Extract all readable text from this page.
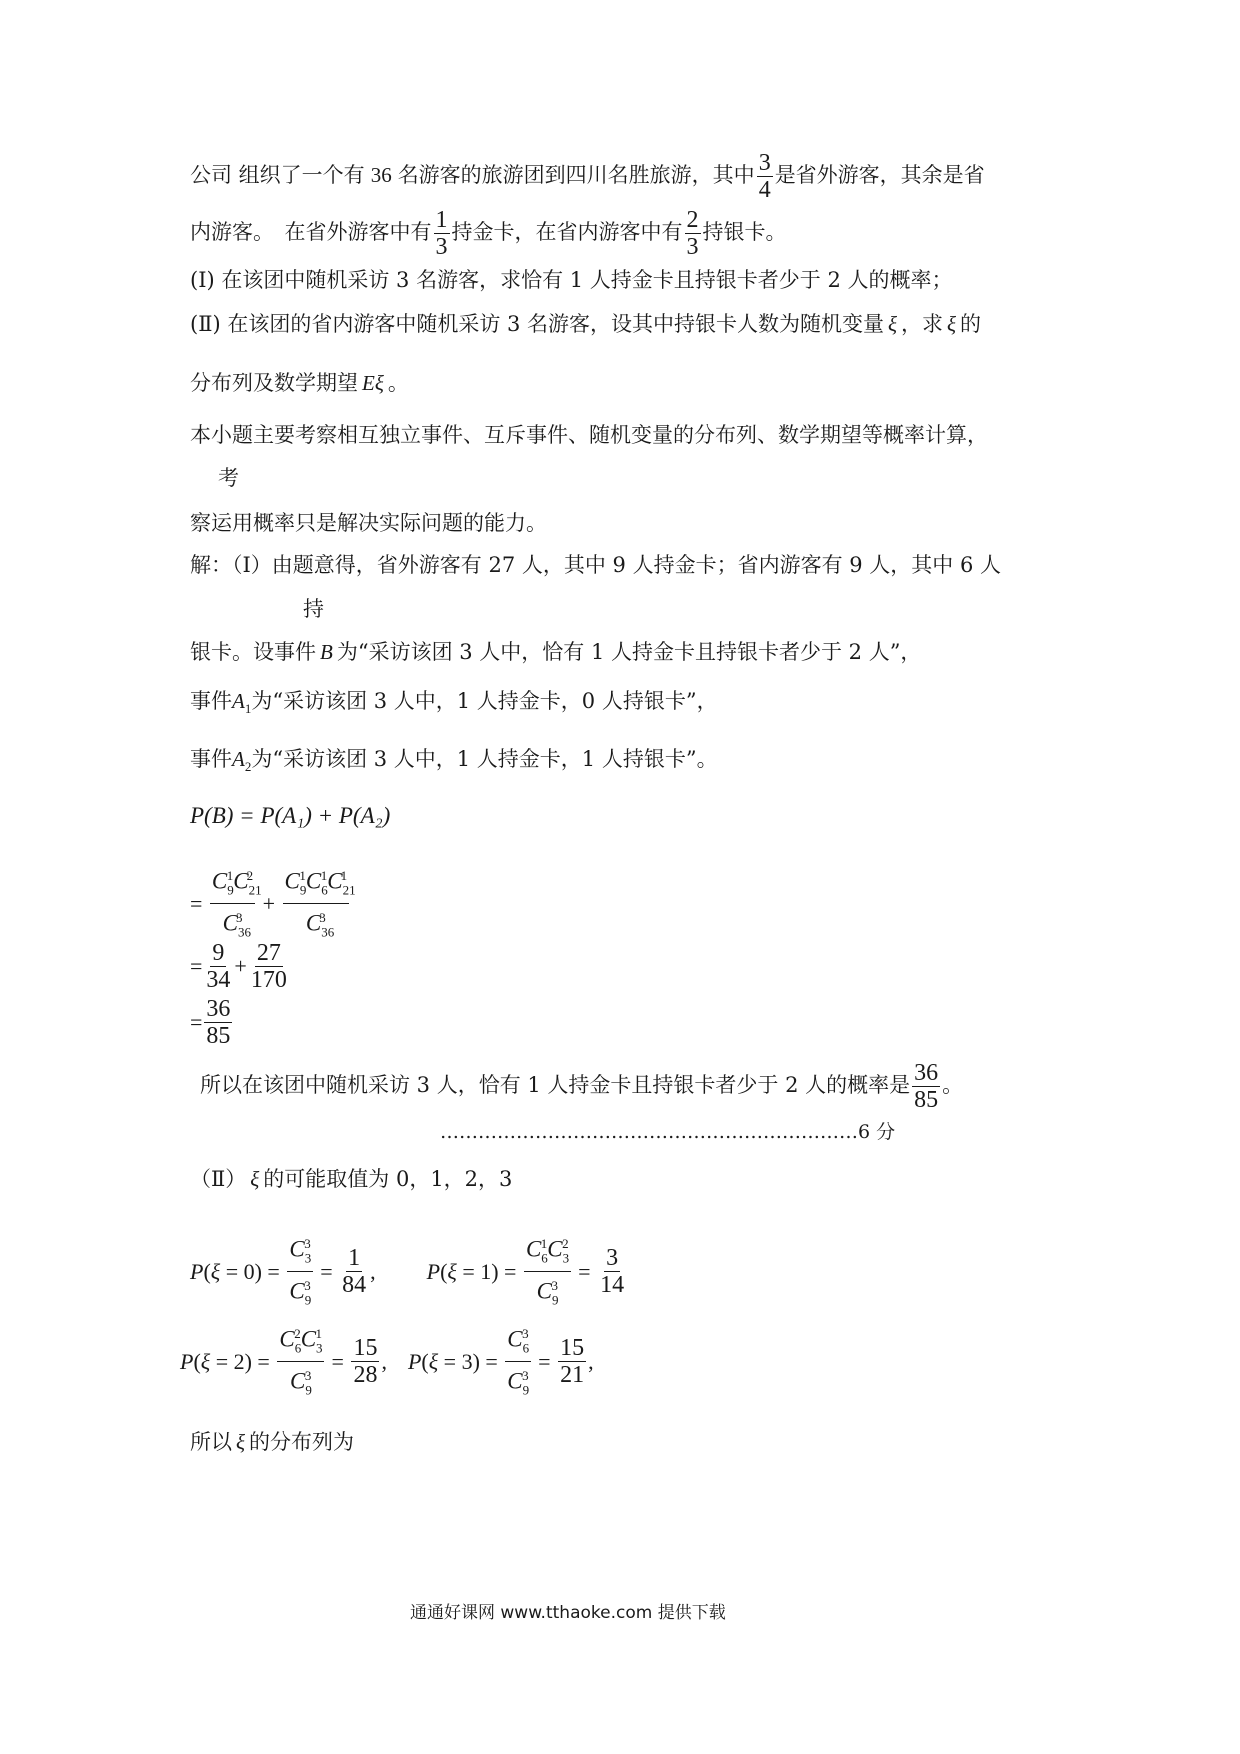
公司 组织了一个有 36 名游客的旅游团到四川名胜旅游，其中 $\frac{3}{4}$ 是省外游客，其余是省
内游客。　在省外游客中有 $\frac{1}{3}$ 持金卡，在省内游客中有 $\frac{2}{3}$ 持银卡。
(Ⅰ) 在该团中随机采访 3 名游客，求恰有 1 人持金卡且持银卡者少于 2 人的概率；
(Ⅱ) 在该团的省内游客中随机采访 3 名游客，设其中持银卡人数为随机变量 ξ ，求 ξ 的
分布列及数学期望 Eξ 。
本小题主要考察相互独立事件、互斥事件、随机变量的分布列、数学期望等概率计算，
考
察运用概率只是解决实际问题的能力。
解：（Ⅰ）由题意得，省外游客有 27 人，其中 9 人持金卡；省内游客有 9 人，其中 6 人
持
银卡。设事件 B 为“采访该团 3 人中，恰有 1 人持金卡且持银卡者少于 2 人”，
事件$A_1$为“采访该团 3 人中，1 人持金卡，0 人持银卡”，
事件$A_2$为“采访该团 3 人中，1 人持金卡，1 人持银卡”。
P(B) = P(A₁) + P(A₂)
= $\frac{C_9^1C_{21}^2}{C_{36}^3} + \frac{C_9^1C_6^1C_{21}^1}{C_{36}^3}$
= $\frac{9}{34} + \frac{27}{170}$
= $\frac{36}{85}$
所以在该团中随机采访 3 人，恰有 1 人持金卡且持银卡者少于 2 人的概率是 $\frac{36}{85}$ 。
…………………………………………………………6 分
（Ⅱ） ξ 的可能取值为 0，1，2，3
$P(\xi = 0) = \frac{C_3^3}{C_9^3} = \frac{1}{84}$ , $P(\xi = 1) = \frac{C_6^1C_3^2}{C_9^3} = \frac{3}{14}$
$P(\xi = 2) = \frac{C_6^2C_3^1}{C_9^3} = \frac{15}{28}$ , $P(\xi = 3) = \frac{C_6^3}{C_9^3} = \frac{15}{21}$ ,
所以 ξ 的分布列为
通通好课网 www.tthaoke.com 提供下载
